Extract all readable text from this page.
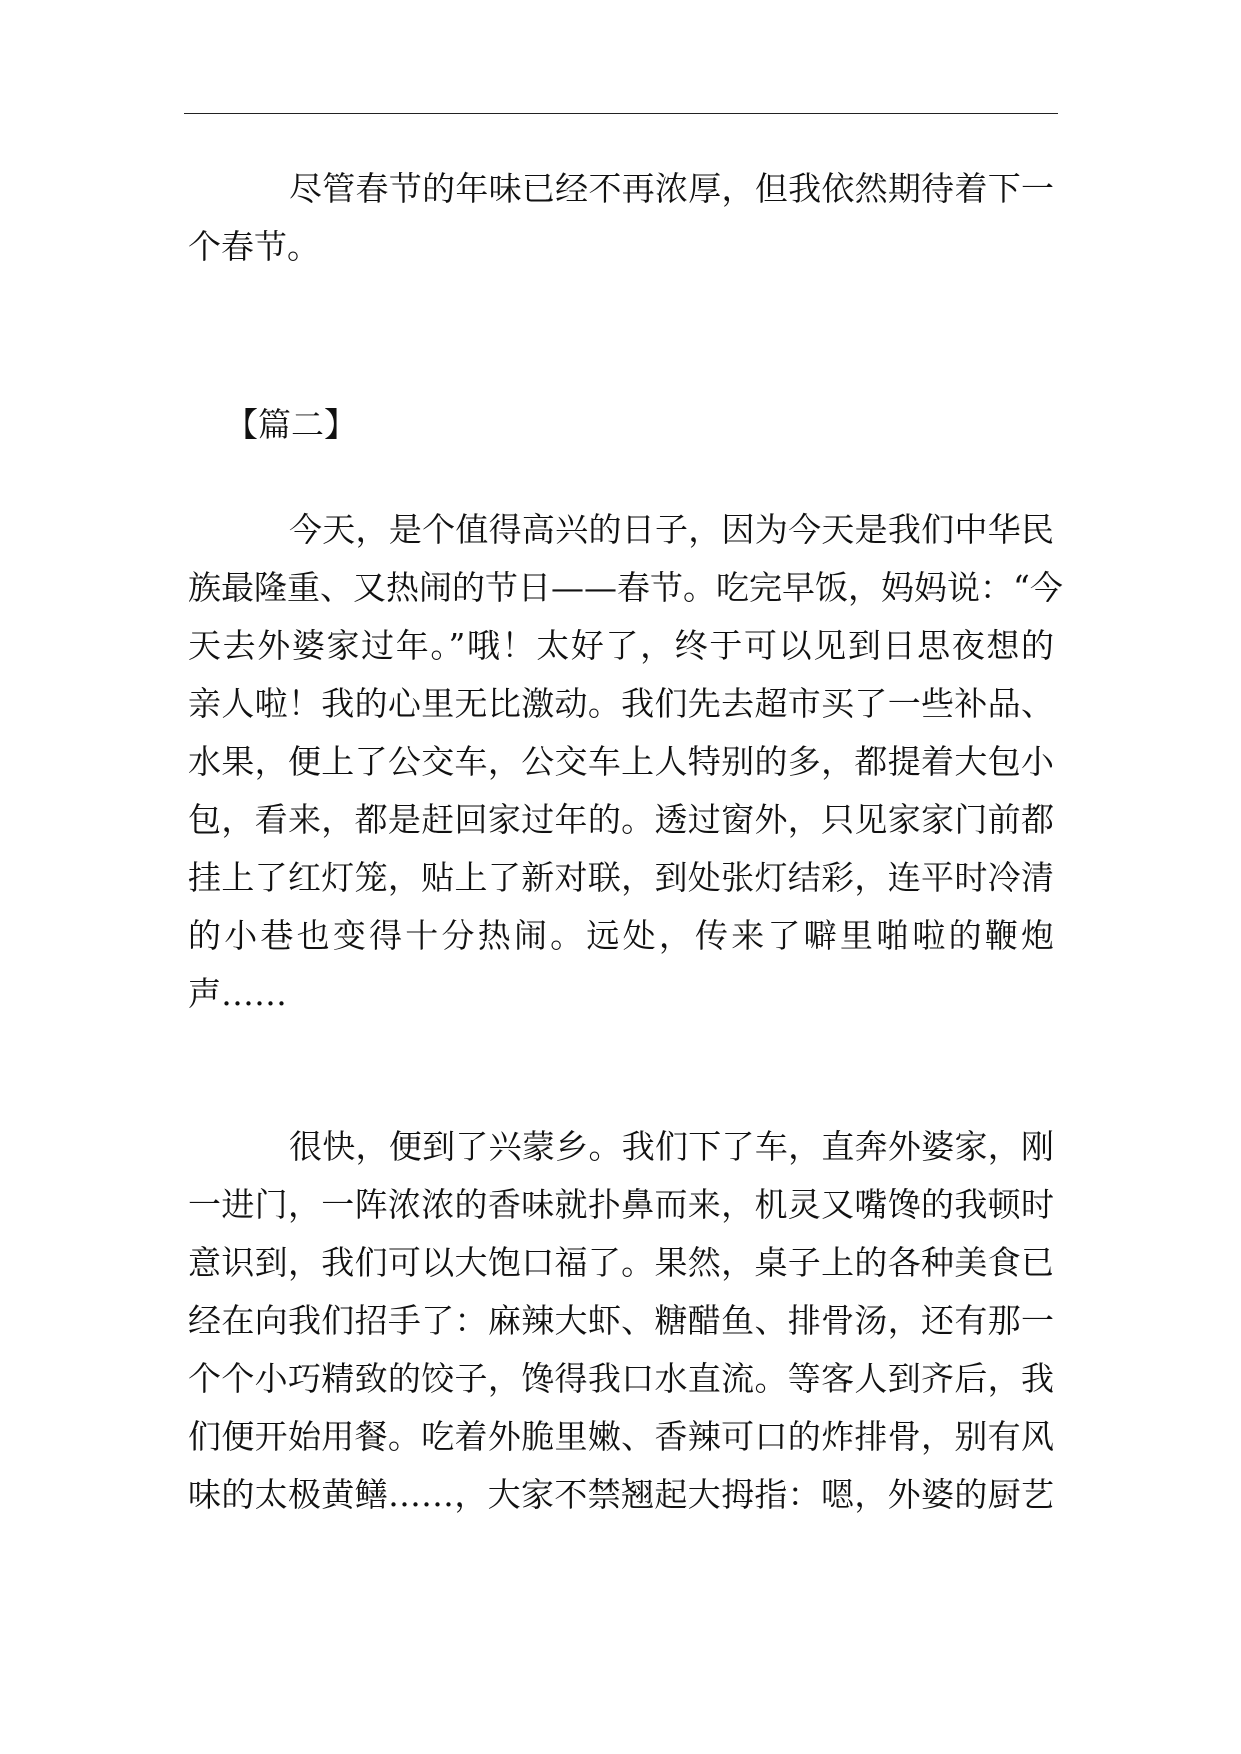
尽管春节的年味已经不再浓厚，但我依然期待着下一
个春节。
【篇二】
今天，是个值得高兴的日子，因为今天是我们中华民
族最隆重、又热闹的节日——春节。吃完早饭，妈妈说：“今
天去外婆家过年。”哦！太好了，终于可以见到日思夜想的
亲人啦！我的心里无比激动。我们先去超市买了一些补品、
水果，便上了公交车，公交车上人特别的多，都提着大包小
包，看来，都是赶回家过年的。透过窗外，只见家家门前都
挂上了红灯笼，贴上了新对联，到处张灯结彩，连平时冷清
的小巷也变得十分热闹。远处，传来了噼里啪啦的鞭炮
声……
很快，便到了兴蒙乡。我们下了车，直奔外婆家，刚
一进门，一阵浓浓的香味就扑鼻而来，机灵又嘴馋的我顿时
意识到，我们可以大饱口福了。果然，桌子上的各种美食已
经在向我们招手了：麻辣大虾、糖醋鱼、排骨汤，还有那一
个个小巧精致的饺子，馋得我口水直流。等客人到齐后，我
们便开始用餐。吃着外脆里嫩、香辣可口的炸排骨，别有风
味的太极黄鳝……，大家不禁翘起大拇指：嗯，外婆的厨艺
